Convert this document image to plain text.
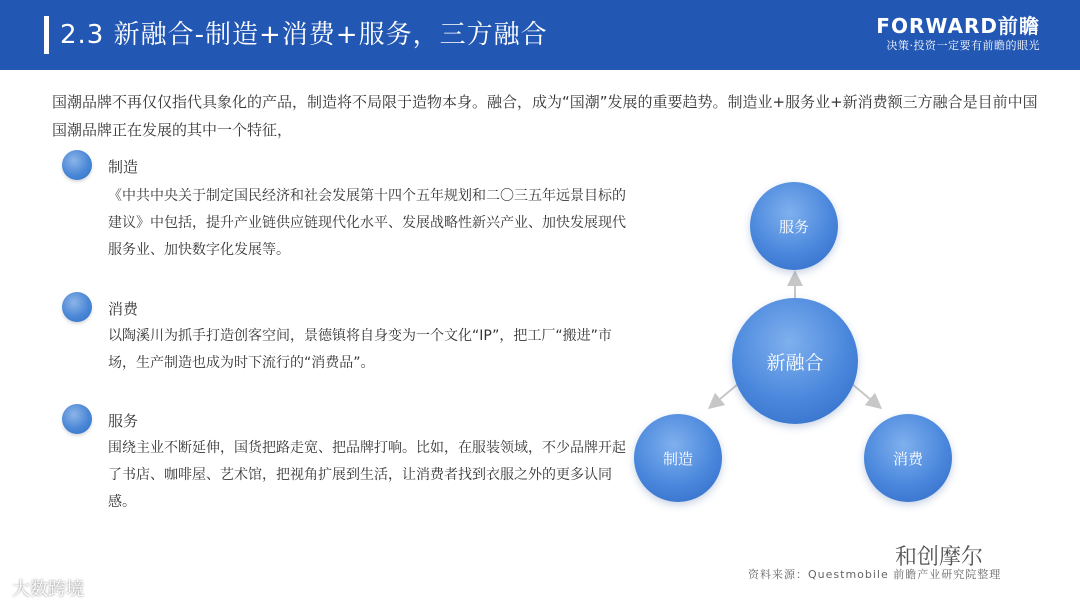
2.3 新融合-制造+消费+服务，三方融合	FORWARD前瞻
决策·投资一定要有前瞻的眼光
国潮品牌不再仅仅指代具象化的产品，制造将不局限于造物本身。融合，成为“国潮”发展的重要趋势。制造业+服务业+新消费额三方融合是目前中国国潮品牌正在发展的其中一个特征，
制造
《中共中央关于制定国民经济和社会发展第十四个五年规划和二〇三五年远景目标的建议》中包括，提升产业链供应链现代化水平、发展战略性新兴产业、加快发展现代服务业、加快数字化发展等。
消费
以陶溪川为抓手打造创客空间，景德镇将自身变为一个文化“IP”，把工厂“搬进”市场，生产制造也成为时下流行的“消费品”。
服务
围绕主业不断延伸，国货把路走宽、把品牌打响。比如，在服装领域，不少品牌开起了书店、咖啡屋、艺术馆，把视角扩展到生活，让消费者找到衣服之外的更多认同感。
服务
新融合
制造	消费
资料来源：Questmobile 前瞻产业研究院整理
和创摩尔
大数跨境
